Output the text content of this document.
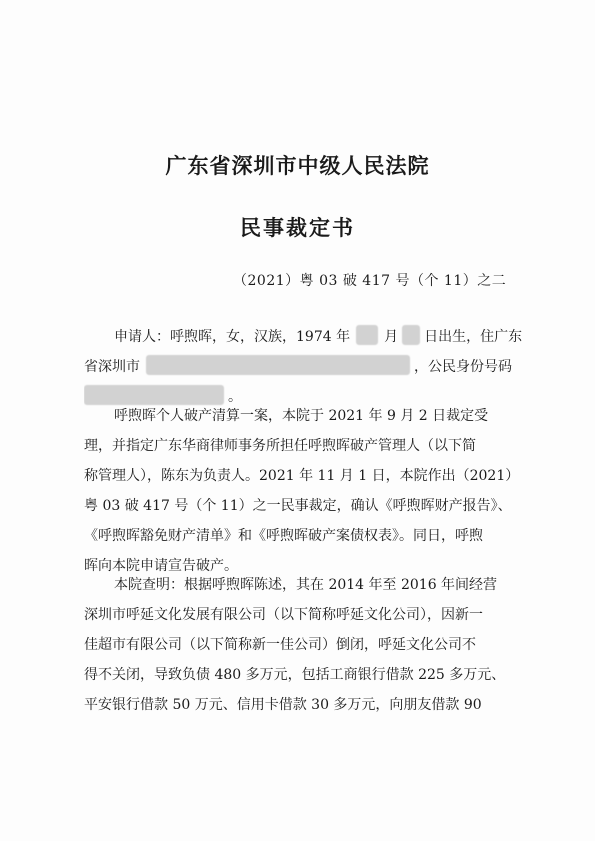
广东省深圳市中级人民法院
民事裁定书
（2021）粤 03 破 417 号（个 11）之二
申请人：呼煦晖，女，汉族，1974 年 月 日出生，住广东
省深圳市	，公民身份号码
。
呼煦晖个人破产清算一案，本院于 2021 年 9 月 2 日裁定受
理，并指定广东华商律师事务所担任呼煦晖破产管理人（以下简
称管理人），陈东为负责人。2021 年 11 月 1 日，本院作出（2021）
粤 03 破 417 号（个 11）之一民事裁定，确认《呼煦晖财产报告》、
《呼煦晖豁免财产清单》和《呼煦晖破产案债权表》。同日，呼煦
晖向本院申请宣告破产。
本院查明：根据呼煦晖陈述，其在 2014 年至 2016 年间经营
深圳市呼延文化发展有限公司（以下简称呼延文化公司），因新一
佳超市有限公司（以下简称新一佳公司）倒闭，呼延文化公司不
得不关闭，导致负债 480 多万元，包括工商银行借款 225 多万元、
平安银行借款 50 万元、信用卡借款 30 多万元，向朋友借款 90
